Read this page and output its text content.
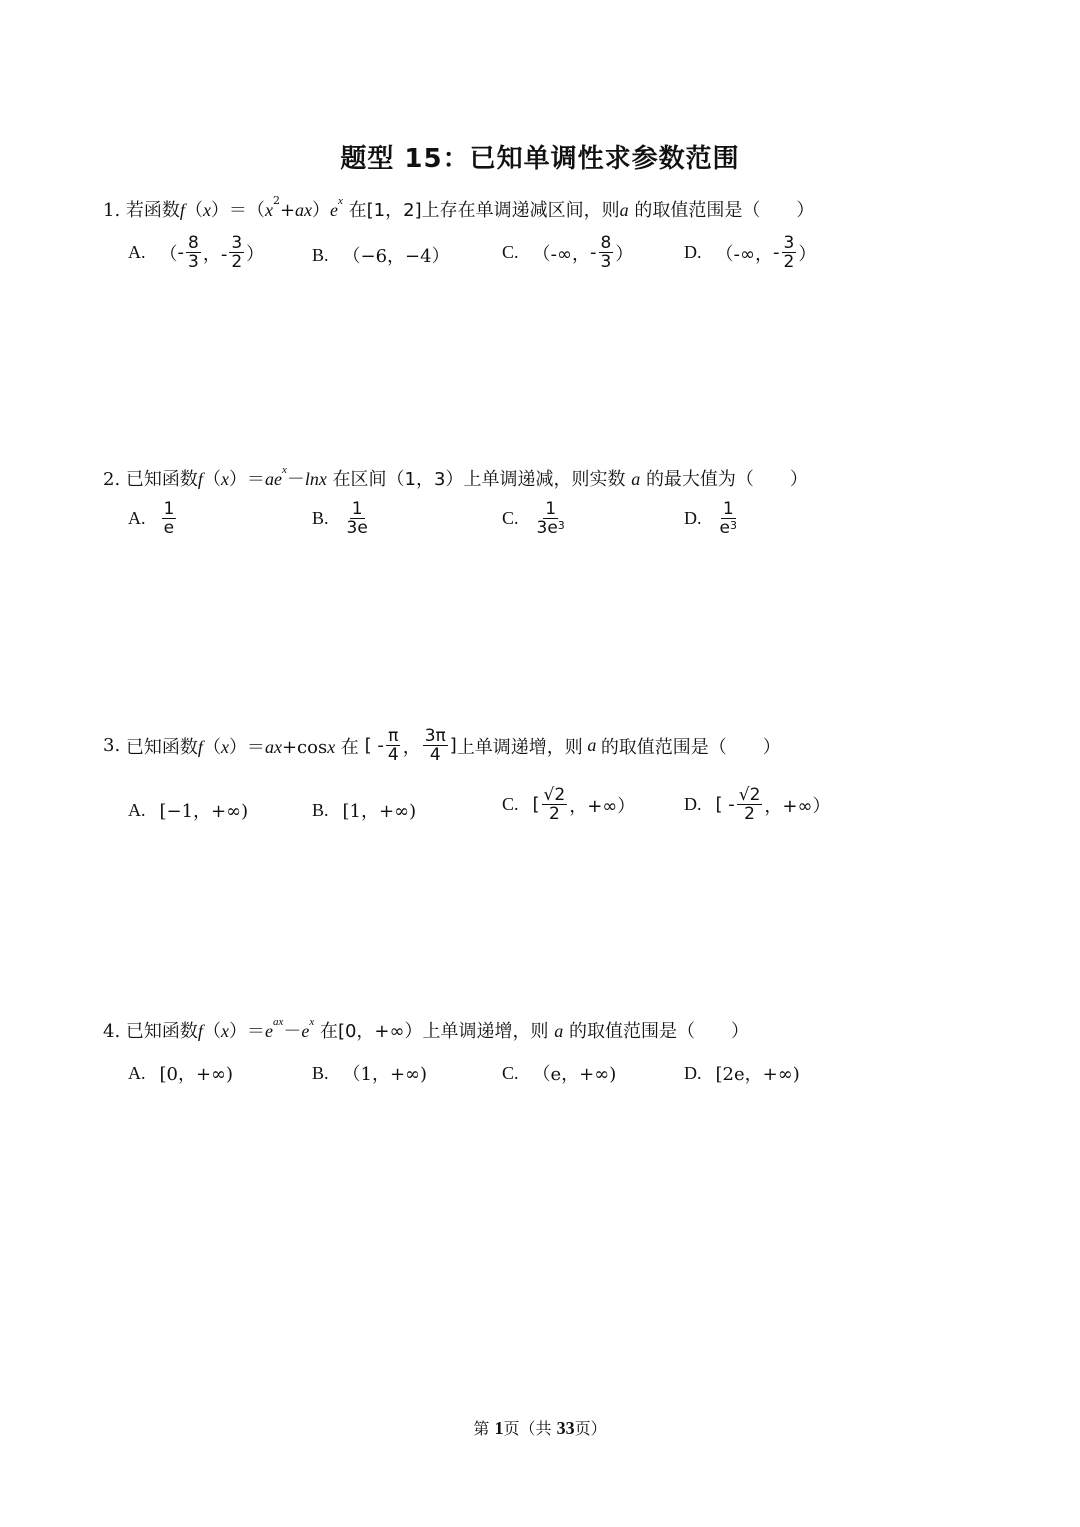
题型 15：已知单调性求参数范围
1. 若函数$f(x)=(x^2+ax)e^x$ 在[1，2]上存在单调递减区间，则a 的取值范围是（　　）
A. （ - $\frac{8}{3}$ ，- $\frac{3}{2}$ ）	B. （−6，−4）	C. （-∞， - $\frac{8}{3}$ ）	D. （-∞， - $\frac{3}{2}$ ）
2. 已知函数$f(x)=ae^x-\ln x$ 在区间（1，3）上单调递减，则实数 a 的最大值为（　　）
A. $\frac{1}{e}$	B. $\frac{1}{3e}$	C. $\frac{1}{3e^3}$	D. $\frac{1}{e^3}$
3.
已知函数 f（x）＝ax+cosx 在 [ - $\frac{\pi}{4}$ ， $\frac{3\pi}{4}$ ] 上单调递增，则 a 的取值范围是（　　）
A. [−1，+∞)	B. [1，+∞)	C. [ $\frac{√2}{2}$ ，+∞）	D. [ - $\frac{√2}{2}$ ，+∞）
4. 已知函数$f(x)=e^{ax}-e^x$ 在[0，+∞）上单调递增，则 a 的取值范围是（　　）
A. [0，+∞)	B. （1，+∞)	C. （e，+∞)	D. [2e，+∞)
第 1页（共 33页）
